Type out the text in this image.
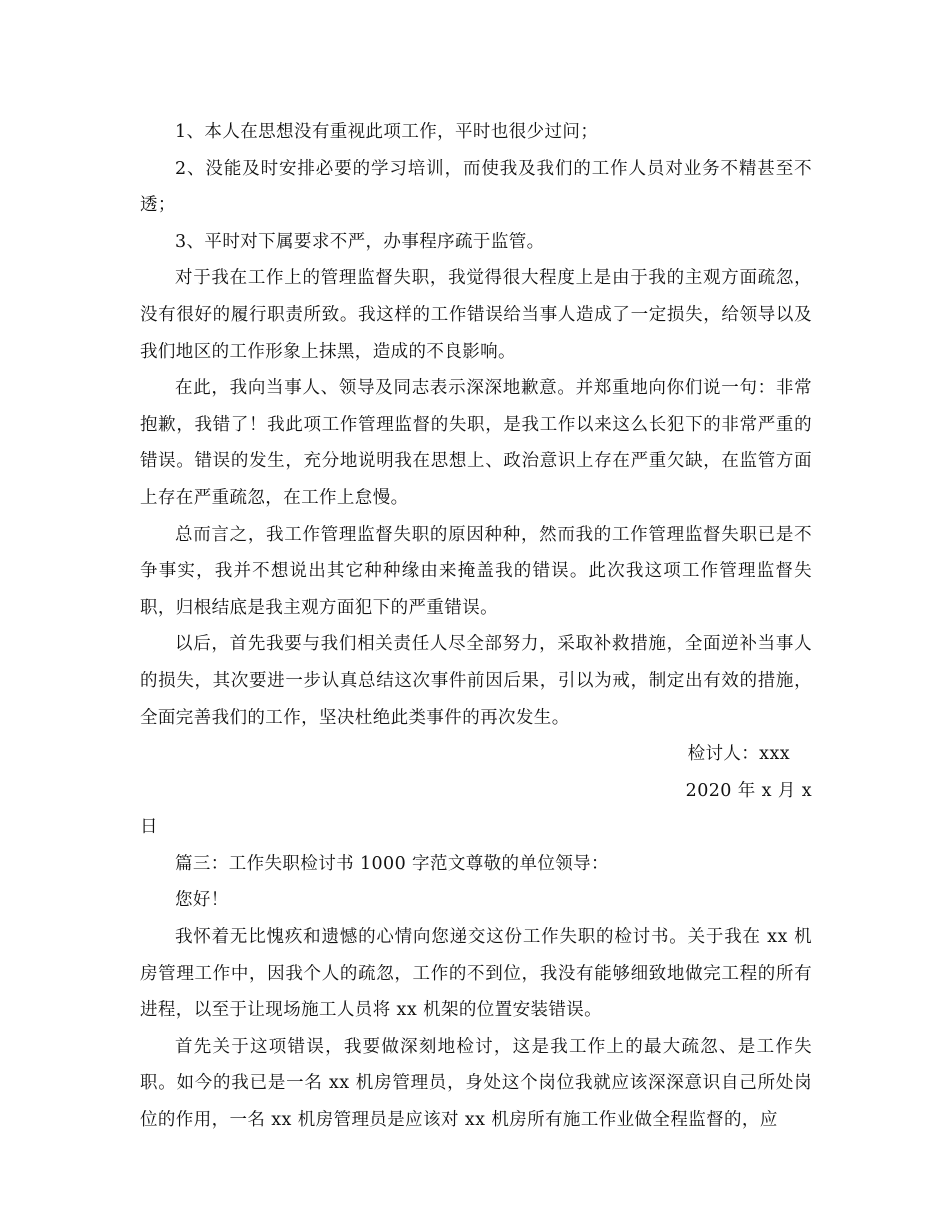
1、本人在思想没有重视此项工作，平时也很少过问；

2、没能及时安排必要的学习培训，而使我及我们的工作人员对业务不精甚至不透；

3、平时对下属要求不严，办事程序疏于监管。

对于我在工作上的管理监督失职，我觉得很大程度上是由于我的主观方面疏忽，没有很好的履行职责所致。我这样的工作错误给当事人造成了一定损失，给领导以及我们地区的工作形象上抹黑，造成的不良影响。

在此，我向当事人、领导及同志表示深深地歉意。并郑重地向你们说一句：非常抱歉，我错了！我此项工作管理监督的失职，是我工作以来这么长犯下的非常严重的错误。错误的发生，充分地说明我在思想上、政治意识上存在严重欠缺，在监管方面上存在严重疏忽，在工作上怠慢。

总而言之，我工作管理监督失职的原因种种，然而我的工作管理监督失职已是不争事实，我并不想说出其它种种缘由来掩盖我的错误。此次我这项工作管理监督失职，归根结底是我主观方面犯下的严重错误。

以后，首先我要与我们相关责任人尽全部努力，采取补救措施，全面逆补当事人的损失，其次要进一步认真总结这次事件前因后果，引以为戒，制定出有效的措施，全面完善我们的工作，坚决杜绝此类事件的再次发生。

检讨人：xxx
2020 年 x 月 x

日

篇三：工作失职检讨书 1000 字范文尊敬的单位领导：

您好！

我怀着无比愧疚和遗憾的心情向您递交这份工作失职的检讨书。关于我在 xx 机房管理工作中，因我个人的疏忽，工作的不到位，我没有能够细致地做完工程的所有进程，以至于让现场施工人员将 xx 机架的位置安装错误。

首先关于这项错误，我要做深刻地检讨，这是我工作上的最大疏忽、是工作失职。如今的我已是一名 xx 机房管理员，身处这个岗位我就应该深深意识自己所处岗位的作用，一名 xx 机房管理员是应该对 xx 机房所有施工作业做全程监督的，应
